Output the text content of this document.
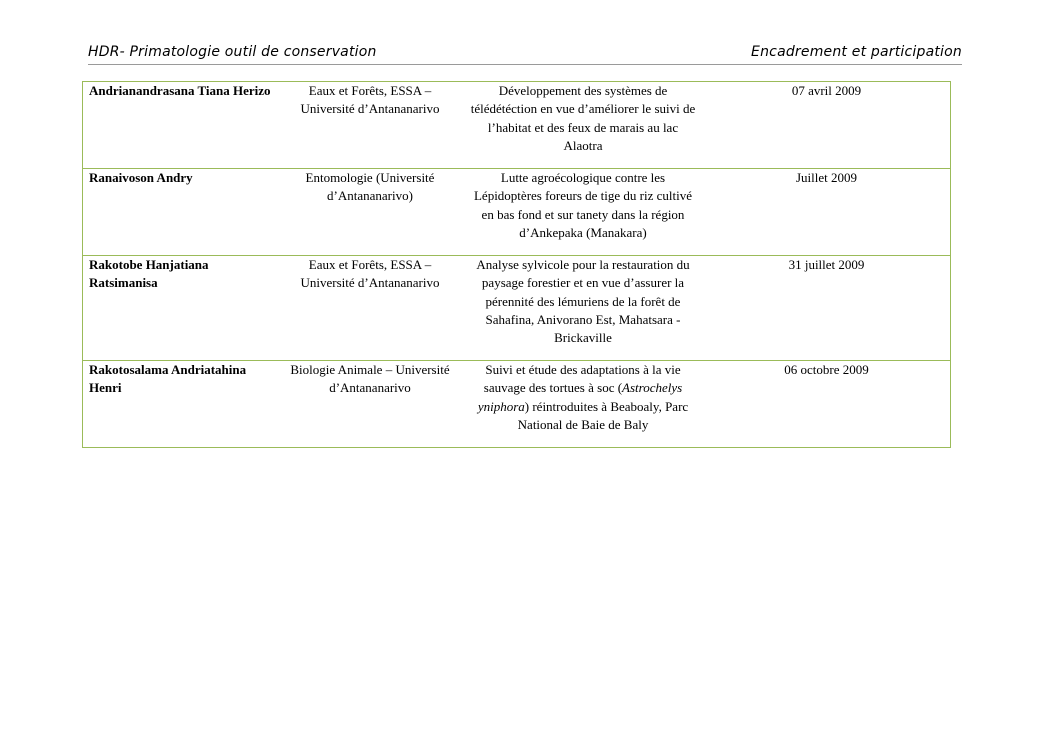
HDR- Primatologie outil de conservation	Encadrement et participation
Andrianandrasana Tiana Herizo	Eaux et Forêts, ESSA – Université d’Antananarivo	Développement des systèmes de télédétéction en vue d’améliorer le suivi de l’habitat et des feux de marais au lac Alaotra	07 avril 2009
Ranaivoson Andry	Entomologie (Université d’Antananarivo)	Lutte agroécologique contre les Lépidoptères foreurs de tige du riz cultivé en bas fond et sur tanety dans la région d’Ankepaka (Manakara)	Juillet 2009
Rakotobe Hanjatiana Ratsimanisa	Eaux et Forêts, ESSA – Université d’Antananarivo	Analyse sylvicole pour la restauration du paysage forestier et en vue d’assurer la pérennité des lémuriens de la forêt de Sahafina, Anivorano Est, Mahatsara - Brickaville	31 juillet 2009
Rakotosalama Andriatahina Henri	Biologie Animale – Université d’Antananarivo	Suivi et étude des adaptations à la vie sauvage des tortues à soc (Astrochelys yniphora) réintroduites à Beaboaly, Parc National de Baie de Baly	06 octobre 2009
